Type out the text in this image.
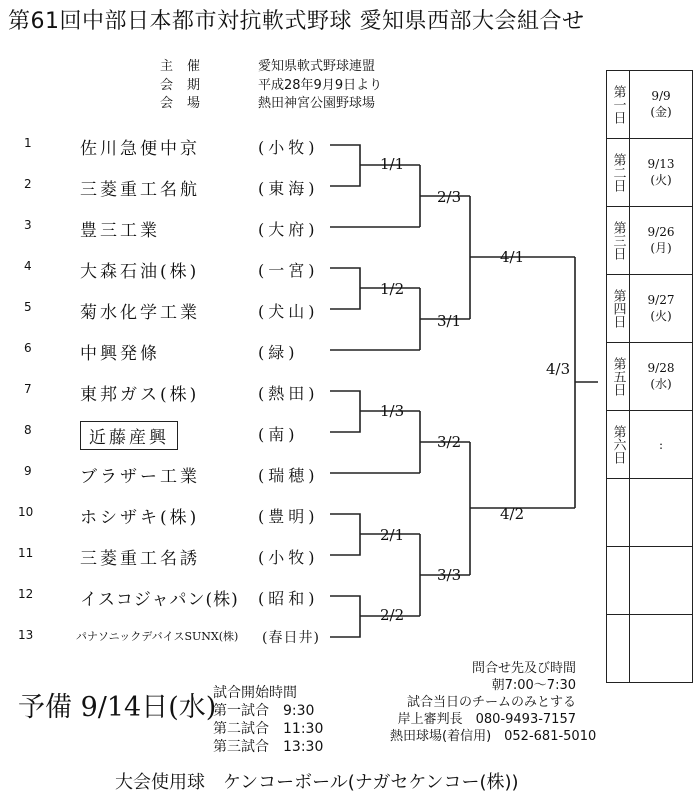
第61回中部日本都市対抗軟式野球 愛知県西部大会組合せ
主催	愛知県軟式野球連盟
会期	平成28年9月9日より
会場	熱田神宮公園野球場
1	佐川急便中京	(小牧)
2	三菱重工名航	(東海)
3	豊三工業	(大府)
4	大森石油(株)	(一宮)
5	菊水化学工業	(犬山)
6	中興発條	(緑)
7	東邦ガス(株)	(熱田)
8	近藤産興	(南)
9	ブラザー工業	(瑞穂)
10	ホシザキ(株)	(豊明)
11	三菱重工名誘	(小牧)
12	イスコジャパン(株) (昭和)
13	パナソニックデバイスSUNX(株) (春日井)
1/1
2/3
4/1
1/2
3/1
1/3
3/2
4/3
4/2
2/1
3/3
2/2
第一日	9/9
(金)
第二日	9/13
(火)
第三日	9/26
(月)
第四日	9/27
(火)
第五日	9/28
(水)
第六日	:
予備 9/14日(水)
試合開始時間
第一試合　9:30
第二試合　11:30
第三試合　13:30
問合せ先及び時間
朝7:00～7:30
試合当日のチームのみとする
岸上審判長　080-9493-7157
熱田球場(着信用)　052-681-5010
大会使用球　ケンコーボール(ナガセケンコー(株))
